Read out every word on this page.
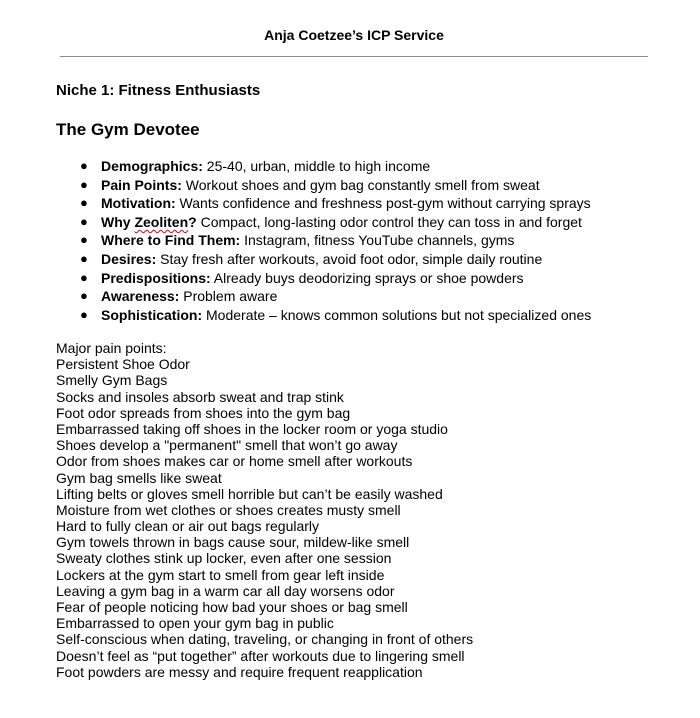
Anja Coetzee’s ICP Service
Niche 1: Fitness Enthusiasts
The Gym Devotee
● Demographics: 25-40, urban, middle to high income
● Pain Points: Workout shoes and gym bag constantly smell from sweat
● Motivation: Wants confidence and freshness post-gym without carrying sprays
● Why Zeoliten? Compact, long-lasting odor control they can toss in and forget
● Where to Find Them: Instagram, fitness YouTube channels, gyms
● Desires: Stay fresh after workouts, avoid foot odor, simple daily routine
● Predispositions: Already buys deodorizing sprays or shoe powders
● Awareness: Problem aware
● Sophistication: Moderate – knows common solutions but not specialized ones
Major pain points:
Persistent Shoe Odor
Smelly Gym Bags
Socks and insoles absorb sweat and trap stink
Foot odor spreads from shoes into the gym bag
Embarrassed taking off shoes in the locker room or yoga studio
Shoes develop a "permanent" smell that won’t go away
Odor from shoes makes car or home smell after workouts
Gym bag smells like sweat
Lifting belts or gloves smell horrible but can’t be easily washed
Moisture from wet clothes or shoes creates musty smell
Hard to fully clean or air out bags regularly
Gym towels thrown in bags cause sour, mildew-like smell
Sweaty clothes stink up locker, even after one session
Lockers at the gym start to smell from gear left inside
Leaving a gym bag in a warm car all day worsens odor
Fear of people noticing how bad your shoes or bag smell
Embarrassed to open your gym bag in public
Self-conscious when dating, traveling, or changing in front of others
Doesn’t feel as “put together” after workouts due to lingering smell
Foot powders are messy and require frequent reapplication
